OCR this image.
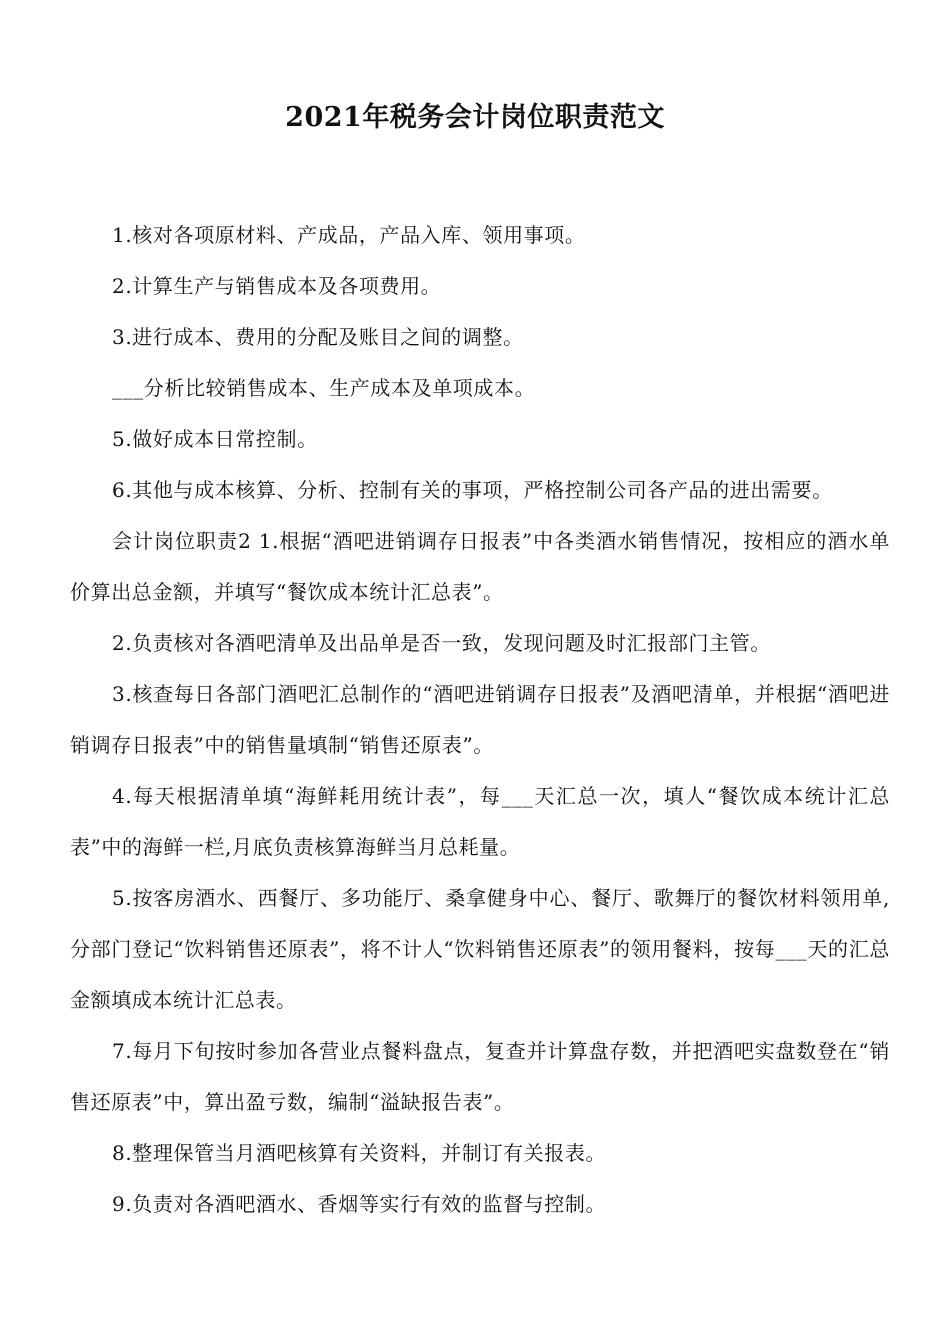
2021年税务会计岗位职责范文

1.核对各项原材料、产成品，产品入库、领用事项。

2.计算生产与销售成本及各项费用。

3.进行成本、费用的分配及账目之间的调整。

___分析比较销售成本、生产成本及单项成本。

5.做好成本日常控制。

6.其他与成本核算、分析、控制有关的事项，严格控制公司各产品的进出需要。

会计岗位职责2 1.根据“酒吧进销调存日报表”中各类酒水销售情况，按相应的酒水单价算出总金额，并填写“餐饮成本统计汇总表”。

2.负责核对各酒吧清单及出品单是否一致，发现问题及时汇报部门主管。

3.核查每日各部门酒吧汇总制作的“酒吧进销调存日报表”及酒吧清单，并根据“酒吧进销调存日报表”中的销售量填制“销售还原表”。

4.每天根据清单填“海鲜耗用统计表”，每___天汇总一次，填人“餐饮成本统计汇总表”中的海鲜一栏,月底负责核算海鲜当月总耗量。

5.按客房酒水、西餐厅、多功能厅、桑拿健身中心、餐厅、歌舞厅的餐饮材料领用单,分部门登记“饮料销售还原表”，将不计人“饮料销售还原表”的领用餐料，按每___天的汇总金额填成本统计汇总表。

7.每月下旬按时参加各营业点餐料盘点，复查并计算盘存数，并把酒吧实盘数登在“销售还原表”中，算出盈亏数，编制“溢缺报告表”。

8.整理保管当月酒吧核算有关资料，并制订有关报表。

9.负责对各酒吧酒水、香烟等实行有效的监督与控制。
